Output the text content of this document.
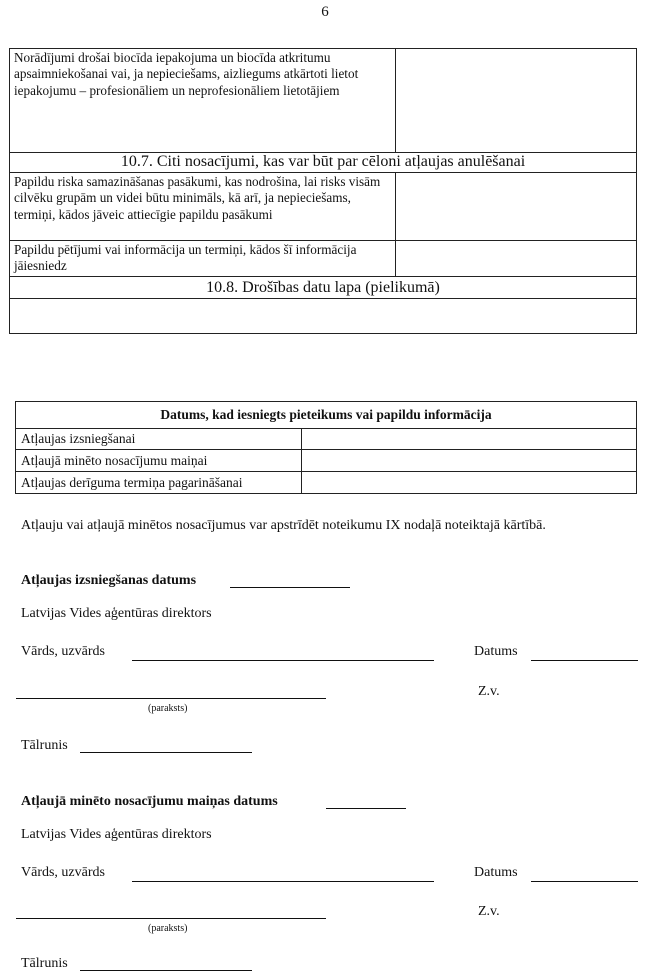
6
Norādījumi drošai biocīda iepakojuma un biocīda atkritumu apsaimniekošanai vai, ja nepieciešams, aizliegums atkārtoti lietot iepakojumu – profesionāliem un neprofesionāliem lietotājiem
10.7. Citi nosacījumi, kas var būt par cēloni atļaujas anulēšanai
Papildu riska samazināšanas pasākumi, kas nodrošina, lai risks visām cilvēku grupām un videi būtu minimāls, kā arī, ja nepieciešams, termiņi, kādos jāveic attiecīgie papildu pasākumi
Papildu pētījumi vai informācija un termiņi, kādos šī informācija jāiesniedz
10.8. Drošības datu lapa (pielikumā)
Datums, kad iesniegts pieteikums vai papildu informācija
Atļaujas izsniegšanai
Atļaujā minēto nosacījumu maiņai
Atļaujas derīguma termiņa pagarināšanai
Atļauju vai atļaujā minētos nosacījumus var apstrīdēt noteikumu IX nodaļā noteiktajā kārtībā.
Atļaujas izsniegšanas datums
Latvijas Vides aģentūras direktors
Vārds, uzvārds	Datums
Z.v.
(paraksts)
Tālrunis
Atļaujā minēto nosacījumu maiņas datums
Latvijas Vides aģentūras direktors
Vārds, uzvārds	Datums
Z.v.
(paraksts)
Tālrunis
